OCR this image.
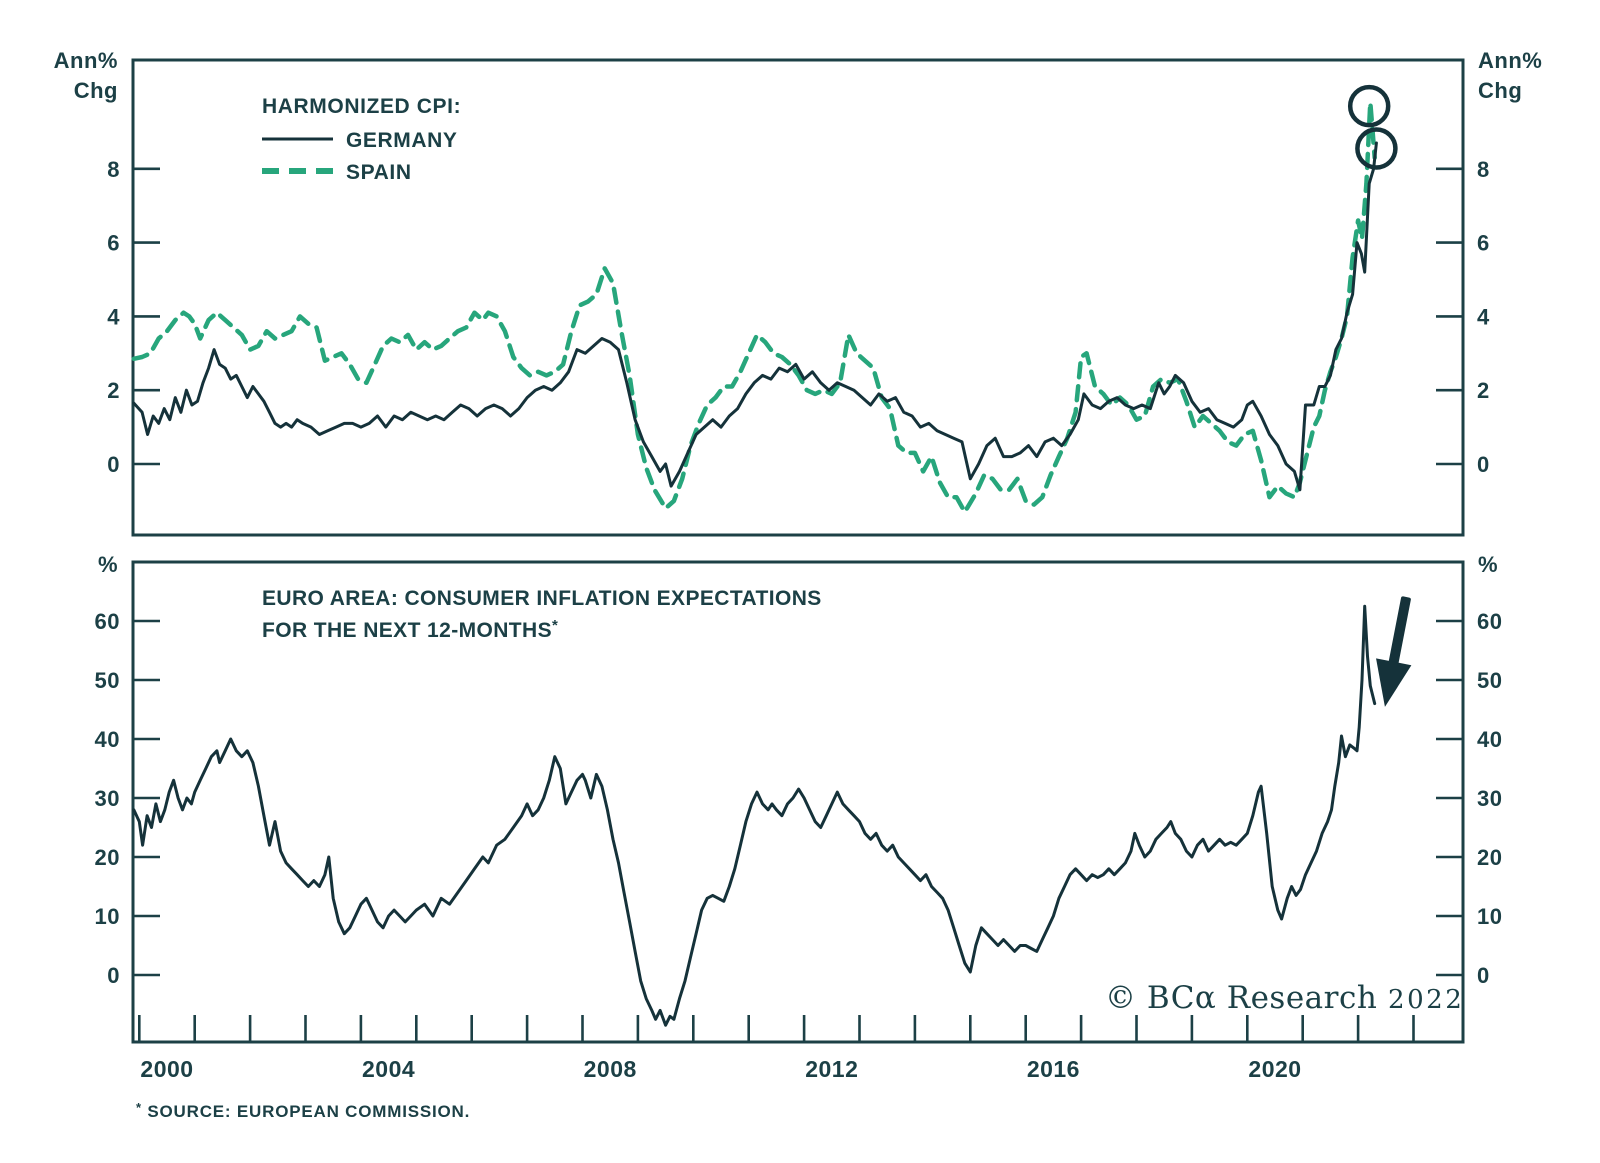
Ann%
Chg
Ann%
Chg
%	%
HARMONIZED CPI:
GERMANY
SPAIN
EURO AREA: CONSUMER INFLATION EXPECTATIONS
FOR THE NEXT 12-MONTHS*
8	8
6	6
4	4
2	2
0	0
60	60
50	50
40	40
30	30
20	20
10	10
0	0
2000	2004	2008	2012	2016	2020
© BCα Research 2022
* SOURCE: EUROPEAN COMMISSION.
